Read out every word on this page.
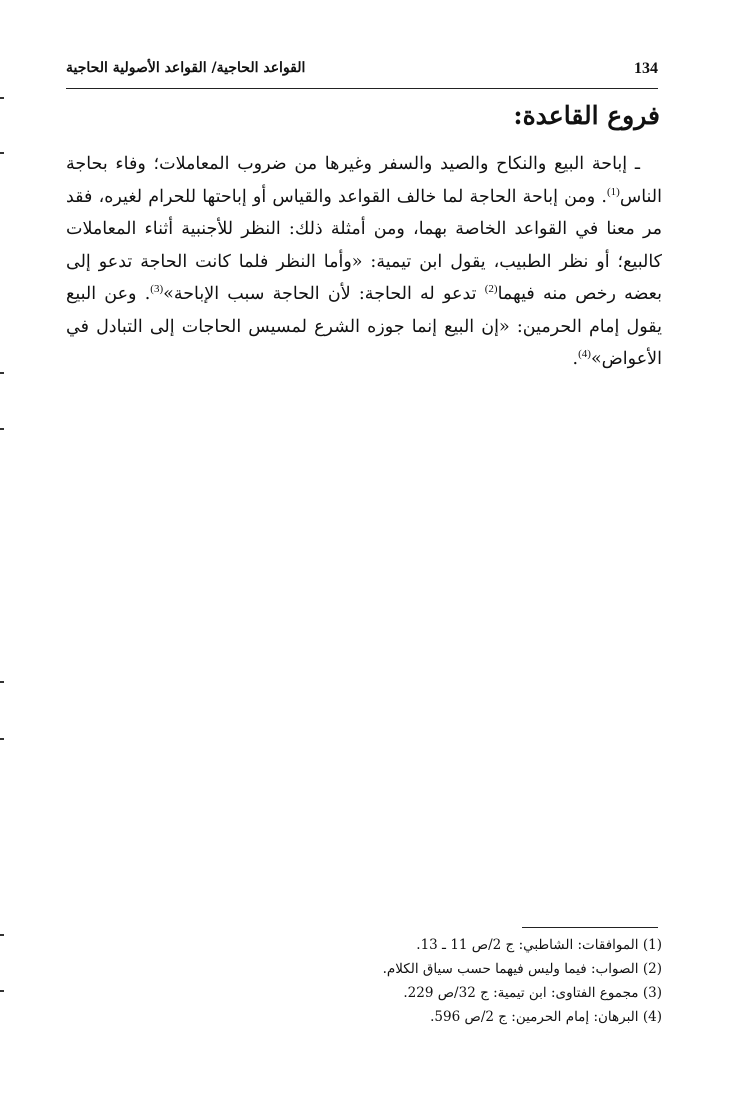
134
القواعد الحاجية/ القواعد الأصولية الحاجية
فروع القاعدة:

ـ إباحة البيع والنكاح والصيد والسفر وغيرها من ضروب المعاملات؛ وفاء بحاجة الناس$^{(1)}$. ومن إباحة الحاجة لما خالف القواعد والقياس أو إباحتها للحرام لغيره، فقد مر معنا في القواعد الخاصة بهما، ومن أمثلة ذلك: النظر للأجنبية أثناء المعاملات كالبيع؛ أو نظر الطبيب، يقول ابن تيمية: «وأما النظر فلما كانت الحاجة تدعو إلى بعضه رخص منه فيهما$^{(2)}$ تدعو له الحاجة: لأن الحاجة سبب الإباحة»$^{(3)}$. وعن البيع يقول إمام الحرمين: «إن البيع إنما جوزه الشرع لمسيس الحاجات إلى التبادل في الأعواض»$^{(4)}$.

(1) الموافقات: الشاطبي: ج 2/ص 11 ـ 13.
(2) الصواب: فيما وليس فيهما حسب سياق الكلام.
(3) مجموع الفتاوى: ابن تيمية: ج 32/ص 229.
(4) البرهان: إمام الحرمين: ج 2/ص 596.
